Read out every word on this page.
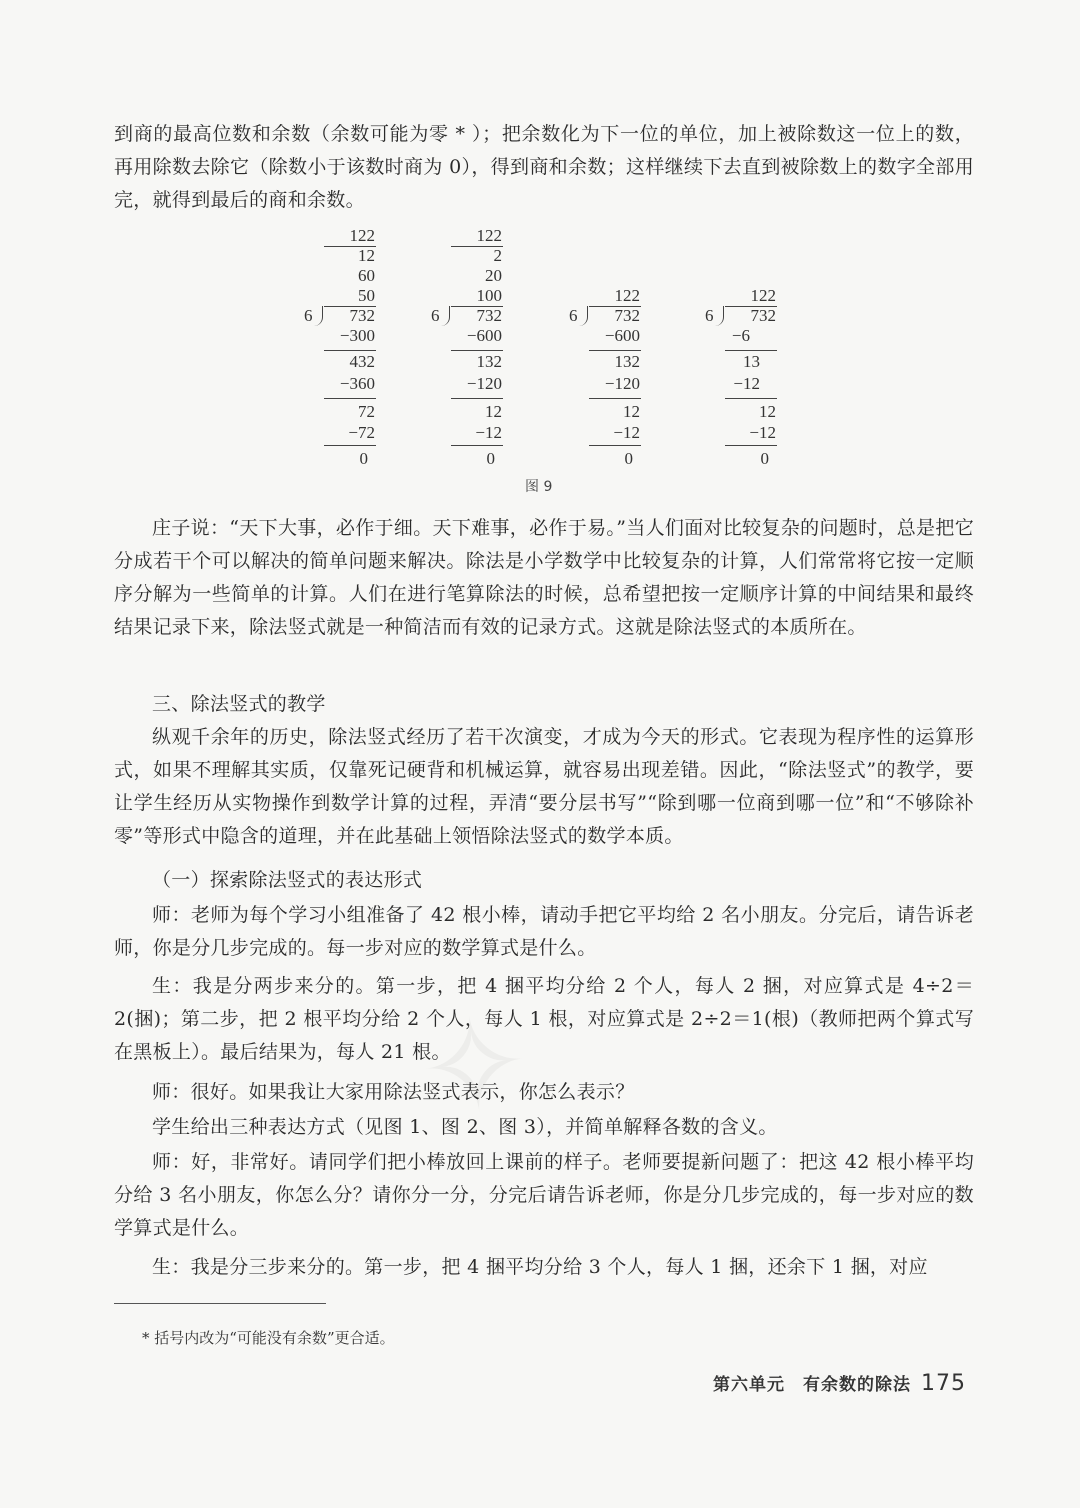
到商的最高位数和余数（余数可能为零 * ）；把余数化为下一位的单位，加上被除数这一位上的数，再用除数去除它（除数小于该数时商为 0），得到商和余数；这样继续下去直到被除数上的数字全部用完，就得到最后的商和余数。

122
12
60
50
6 732
−300
432
−360
72
−72
0
122
2
20
100
6 732
−600
132
−120
12
−12
0
122
6 732
−600
132
−120
12
−12
0
122
6 732
−6
13
−12
12
−12
0
图 9

庄子说：“天下大事，必作于细。天下难事，必作于易。”当人们面对比较复杂的问题时，总是把它分成若干个可以解决的简单问题来解决。除法是小学数学中比较复杂的计算，人们常常将它按一定顺序分解为一些简单的计算。人们在进行笔算除法的时候，总希望把按一定顺序计算的中间结果和最终结果记录下来，除法竖式就是一种简洁而有效的记录方式。这就是除法竖式的本质所在。

三、除法竖式的教学

纵观千余年的历史，除法竖式经历了若干次演变，才成为今天的形式。它表现为程序性的运算形式，如果不理解其实质，仅靠死记硬背和机械运算，就容易出现差错。因此，“除法竖式”的教学，要让学生经历从实物操作到数学计算的过程，弄清“要分层书写”“除到哪一位商到哪一位”和“不够除补零”等形式中隐含的道理，并在此基础上领悟除法竖式的数学本质。

（一）探索除法竖式的表达形式

师：老师为每个学习小组准备了 42 根小棒，请动手把它平均给 2 名小朋友。分完后，请告诉老师，你是分几步完成的。每一步对应的数学算式是什么。

生：我是分两步来分的。第一步，把 4 捆平均分给 2 个人，每人 2 捆，对应算式是 4÷2＝2(捆)；第二步，把 2 根平均分给 2 个人，每人 1 根，对应算式是 2÷2＝1(根)（教师把两个算式写在黑板上）。最后结果为，每人 21 根。

师：很好。如果我让大家用除法竖式表示，你怎么表示？

学生给出三种表达方式（见图 1、图 2、图 3），并简单解释各数的含义。

师：好，非常好。请同学们把小棒放回上课前的样子。老师要提新问题了：把这 42 根小棒平均分给 3 名小朋友，你怎么分？请你分一分，分完后请告诉老师，你是分几步完成的，每一步对应的数学算式是什么。

生：我是分三步来分的。第一步，把 4 捆平均分给 3 个人，每人 1 捆，还余下 1 捆，对应

* 括号内改为“可能没有余数”更合适。
第六单元　有余数的除法 175
